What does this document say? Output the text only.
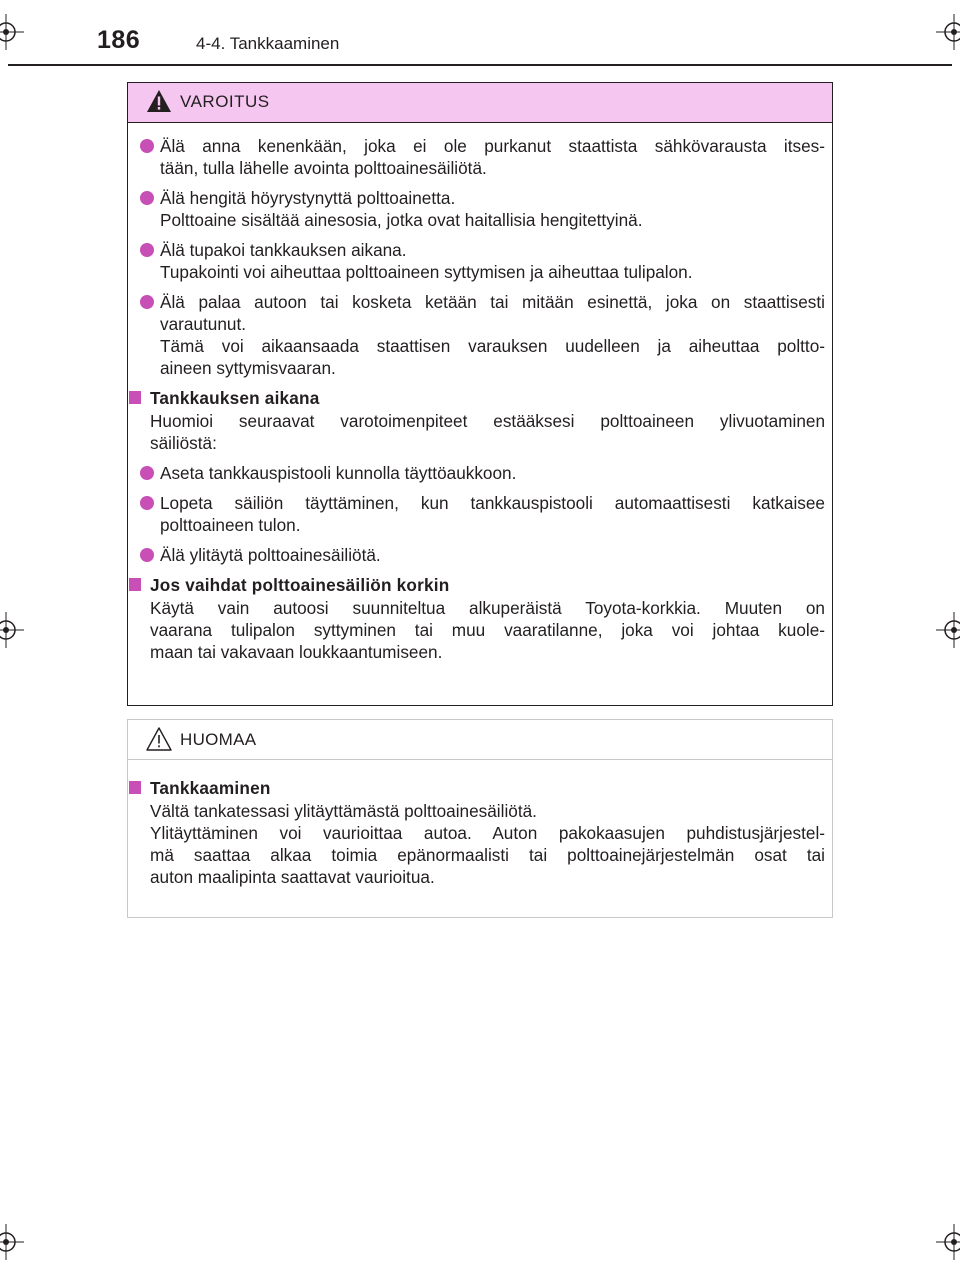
186	4-4. Tankkaaminen
VAROITUS
Älä anna kenenkään, joka ei ole purkanut staattista sähkövarausta itses-
tään, tulla lähelle avointa polttoainesäiliötä.
Älä hengitä höyrystynyttä polttoainetta.
Polttoaine sisältää ainesosia, jotka ovat haitallisia hengitettyinä.
Älä tupakoi tankkauksen aikana.
Tupakointi voi aiheuttaa polttoaineen syttymisen ja aiheuttaa tulipalon.
Älä palaa autoon tai kosketa ketään tai mitään esinettä, joka on staattisesti
varautunut.
Tämä voi aikaansaada staattisen varauksen uudelleen ja aiheuttaa poltto-
aineen syttymisvaaran.
Tankkauksen aikana
Huomioi seuraavat varotoimenpiteet estääksesi polttoaineen ylivuotaminen
säiliöstä:
Aseta tankkauspistooli kunnolla täyttöaukkoon.
Lopeta säiliön täyttäminen, kun tankkauspistooli automaattisesti katkaisee
polttoaineen tulon.
Älä ylitäytä polttoainesäiliötä.
Jos vaihdat polttoainesäiliön korkin
Käytä vain autoosi suunniteltua alkuperäistä Toyota-korkkia. Muuten on
vaarana tulipalon syttyminen tai muu vaaratilanne, joka voi johtaa kuole-
maan tai vakavaan loukkaantumiseen.
HUOMAA
Tankkaaminen
Vältä tankatessasi ylitäyttämästä polttoainesäiliötä.
Ylitäyttäminen voi vaurioittaa autoa. Auton pakokaasujen puhdistusjärjestel-
mä saattaa alkaa toimia epänormaalisti tai polttoainejärjestelmän osat tai
auton maalipinta saattavat vaurioitua.
